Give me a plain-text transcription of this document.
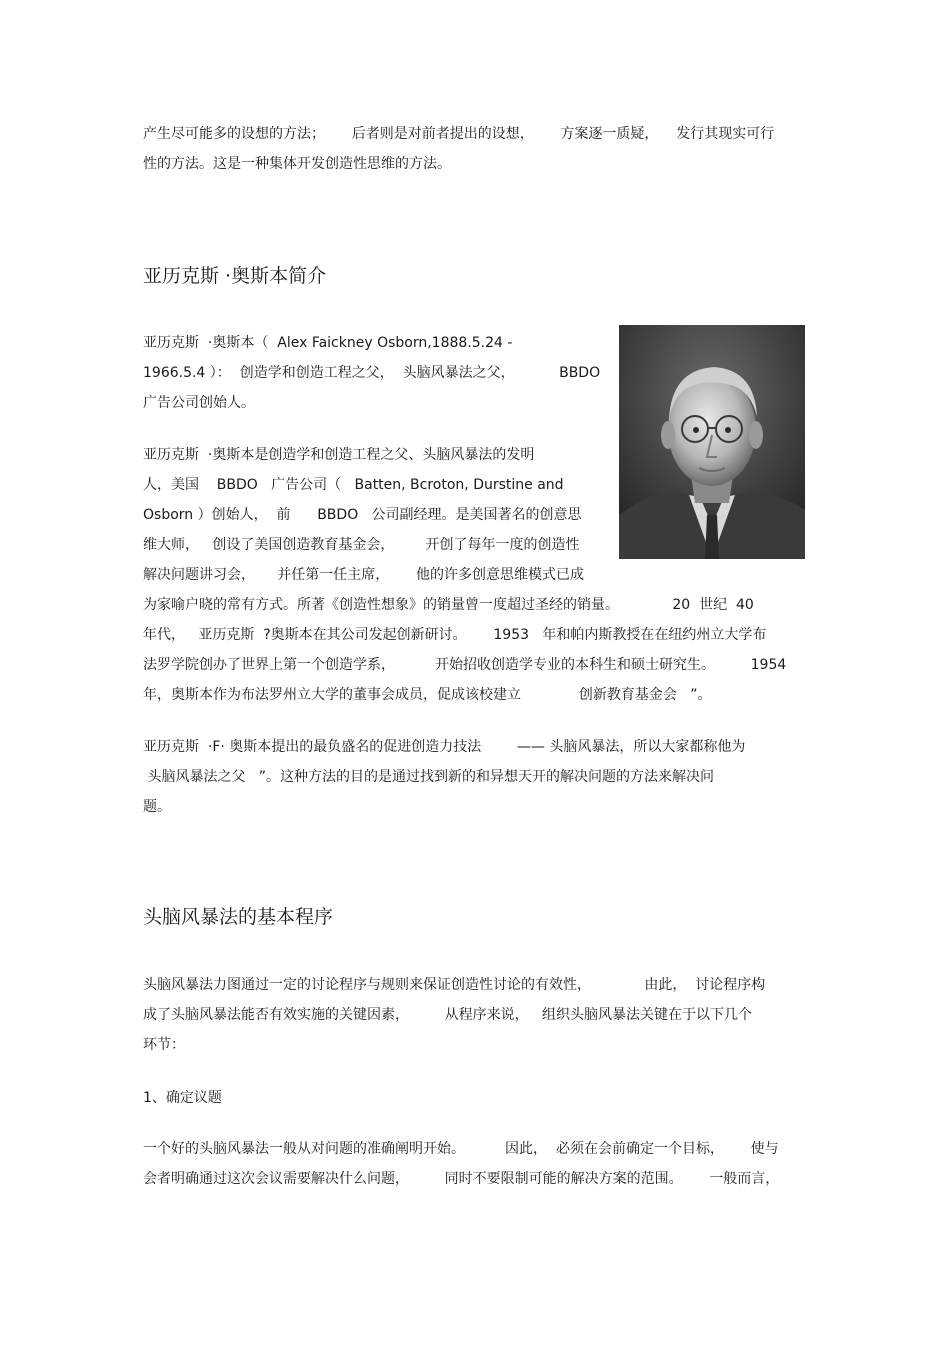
产生尽可能多的设想的方法；      后者则是对前者提出的设想，      方案逐一质疑，    发行其现实可行
性的方法。这是一种集体开发创造性思维的方法。
亚历克斯 ·奥斯本简介
亚历克斯  ·奥斯本（  Alex Faickney Osborn,1888.5.24 -
1966.5.4 ）：  创造学和创造工程之父，  头脑风暴法之父，          BBDO
广告公司创始人。
亚历克斯  ·奥斯本是创造学和创造工程之父、头脑风暴法的发明
人，美国    BBDO   广告公司（   Batten, Bcroton, Durstine and
Osborn ）创始人，  前      BBDO   公司副经理。是美国著名的创意思
维大师，   创设了美国创造教育基金会，       开创了每年一度的创造性
解决问题讲习会，     并任第一任主席，      他的许多创意思维模式已成
为家喻户晓的常有方式。所著《创造性想象》的销量曾一度超过圣经的销量。            20  世纪  40
年代，   亚历克斯  ?奥斯本在其公司发起创新研讨。      1953   年和帕内斯教授在在纽约州立大学布
法罗学院创办了世界上第一个创造学系，         开始招收创造学专业的本科生和硕士研究生。        1954
年，奥斯本作为布法罗州立大学的董事会成员，促成该校建立             创新教育基金会   ”。
亚历克斯  ·F· 奥斯本提出的最负盛名的促进创造力技法        —— 头脑风暴法，所以大家都称他为
头脑风暴法之父   ”。这种方法的目的是通过找到新的和异想天开的解决问题的方法来解决问
题。
头脑风暴法的基本程序
头脑风暴法力图通过一定的讨论程序与规则来保证创造性讨论的有效性，            由此，  讨论程序构
成了头脑风暴法能否有效实施的关键因素，        从程序来说，   组织头脑风暴法关键在于以下几个
环节：
1、确定议题
一个好的头脑风暴法一般从对问题的准确阐明开始。         因此，  必须在会前确定一个目标，      使与
会者明确通过这次会议需要解决什么问题，        同时不要限制可能的解决方案的范围。      一般而言，
